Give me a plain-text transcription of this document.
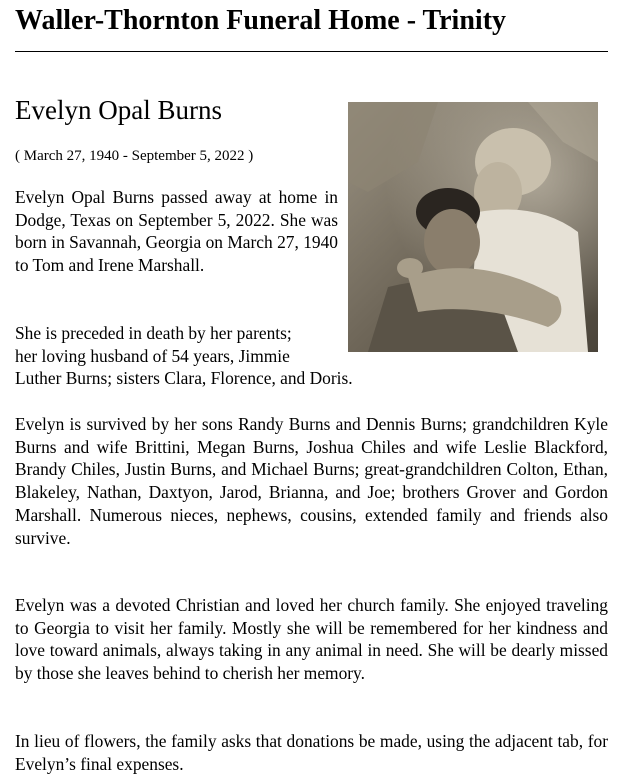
Waller-Thornton Funeral Home - Trinity
Evelyn Opal Burns
( March 27, 1940 - September 5, 2022 )

Evelyn Opal Burns passed away at home in Dodge, Texas on September 5, 2022. She was born in Savannah, Georgia on March 27, 1940 to Tom and Irene Marshall.

She is preceded in death by her parents;
her loving husband of 54 years, Jimmie
Luther Burns; sisters Clara, Florence, and Doris.

Evelyn is survived by her sons Randy Burns and Dennis Burns; grandchildren Kyle Burns and wife Brittini, Megan Burns, Joshua Chiles and wife Leslie Blackford, Brandy Chiles, Justin Burns, and Michael Burns; great-grandchildren Colton, Ethan, Blakeley, Nathan, Daxtyon, Jarod, Brianna, and Joe; brothers Grover and Gordon Marshall. Numerous nieces, nephews, cousins, extended family and friends also survive.

Evelyn was a devoted Christian and loved her church family. She enjoyed traveling to Georgia to visit her family. Mostly she will be remembered for her kindness and love toward animals, always taking in any animal in need. She will be dearly missed by those she leaves behind to cherish her memory.

In lieu of flowers, the family asks that donations be made, using the adjacent tab, for Evelyn’s final expenses.
